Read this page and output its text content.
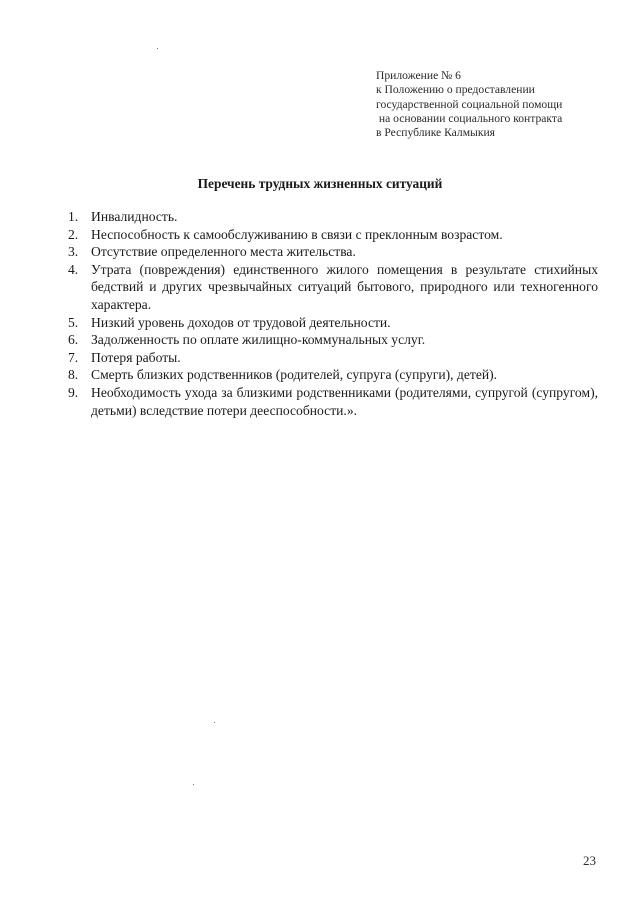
Приложение № 6
к Положению о предоставлении
государственной социальной помощи
на основании социального контракта
в Республике Калмыкия
Перечень трудных жизненных ситуаций
1. Инвалидность.
2. Неспособность к самообслуживанию в связи с преклонным возрастом.
3. Отсутствие определенного места жительства.
4. Утрата (повреждения) единственного жилого помещения в результате стихийных бедствий и других чрезвычайных ситуаций бытового, природного или техногенного характера.
5. Низкий уровень доходов от трудовой деятельности.
6. Задолженность по оплате жилищно-коммунальных услуг.
7. Потеря работы.
8. Смерть близких родственников (родителей, супруга (супруги), детей).
9. Необходимость ухода за близкими родственниками (родителями, супругой (супругом), детьми) вследствие потери дееспособности.».
23
